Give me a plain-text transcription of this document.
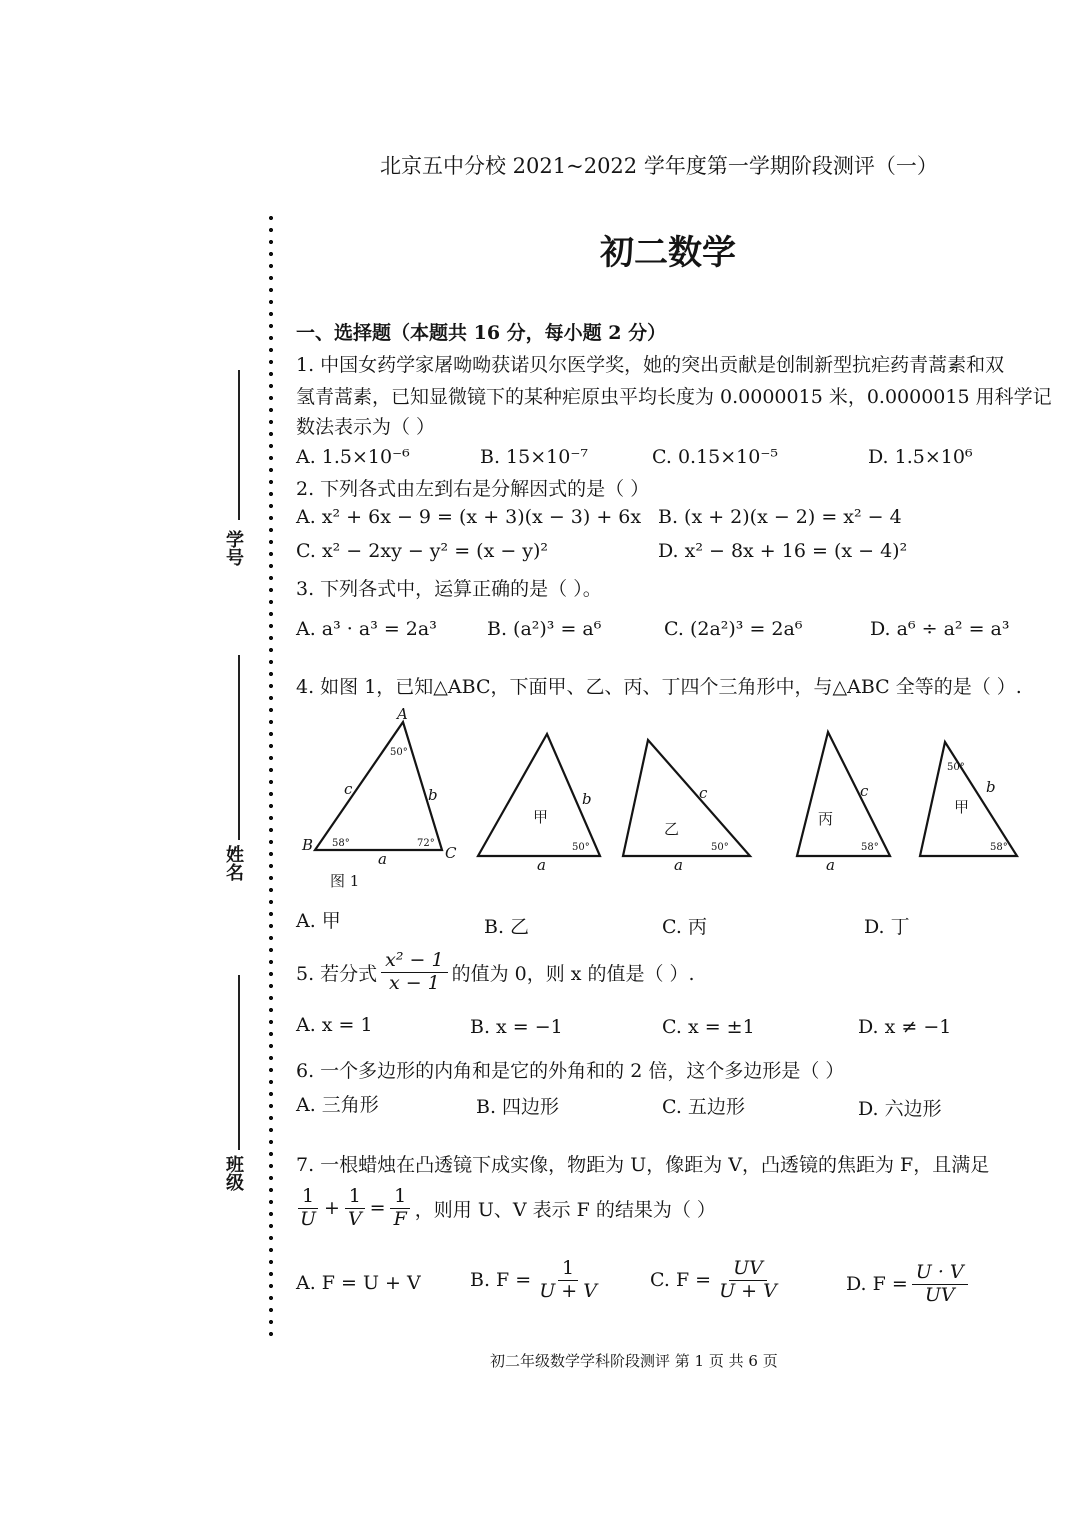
北京五中分校 2021~2022 学年度第一学期阶段测评（一）
初二数学
学号
姓名
班级
一、选择题（本题共 16 分，每小题 2 分）
1. 中国女药学家屠呦呦获诺贝尔医学奖，她的突出贡献是创制新型抗疟药青蒿素和双
氢青蒿素，已知显微镜下的某种疟原虫平均长度为 0.0000015 米，0.0000015 用科学记
数法表示为（ ）
A. 1.5×10⁻⁶	B. 15×10⁻⁷	C. 0.15×10⁻⁵	D. 1.5×10⁶
2. 下列各式由左到右是分解因式的是（ ）
A. x² + 6x − 9 = (x + 3)(x − 3) + 6x B. (x + 2)(x − 2) = x² − 4
C. x² − 2xy − y² = (x − y)²	D. x² − 8x + 16 = (x − 4)²
3. 下列各式中，运算正确的是（ ）。
A. a³ · a³ = 2a³	B. (a²)³ = a⁶	C. (2a²)³ = 2a⁶	D. a⁶ ÷ a² = a³
4. 如图 1，已知△ABC，下面甲、乙、丙、丁四个三角形中，与△ABC 全等的是（ ）.
A
B	C
a
b
c
50°
58°	72°
图 1
甲
b
a
50°
乙
c
a
50°
丙
c
a
58°
甲
b
50°
58°
A. 甲	B. 乙	C. 丙	D. 丁
5. 若分式 $\frac{\text{x² − 1}}{x - 1}$ 的值为 0，则 x 的值是（ ）.
A. x = 1	B. x = −1	C. x = ±1	D. x ≠ −1
6. 一个多边形的内角和是它的外角和的 2 倍，这个多边形是（ ）
A. 三角形	B. 四边形	C. 五边形	D. 六边形
7. 一根蜡烛在凸透镜下成实像，物距为 U，像距为 V，凸透镜的焦距为 F，且满足
$\frac{1}{U} + \frac{1}{V} = \frac{1}{F}$ ，则用 U、V 表示 F 的结果为（ ）
A. F = U + V	B. $F = \frac{1}{U + V}$	C. $F = \frac{UV}{U + V}$	D. $F = \frac{U \cdot V}{UV}$
初二年级数学学科阶段测评 第 1 页 共 6 页
